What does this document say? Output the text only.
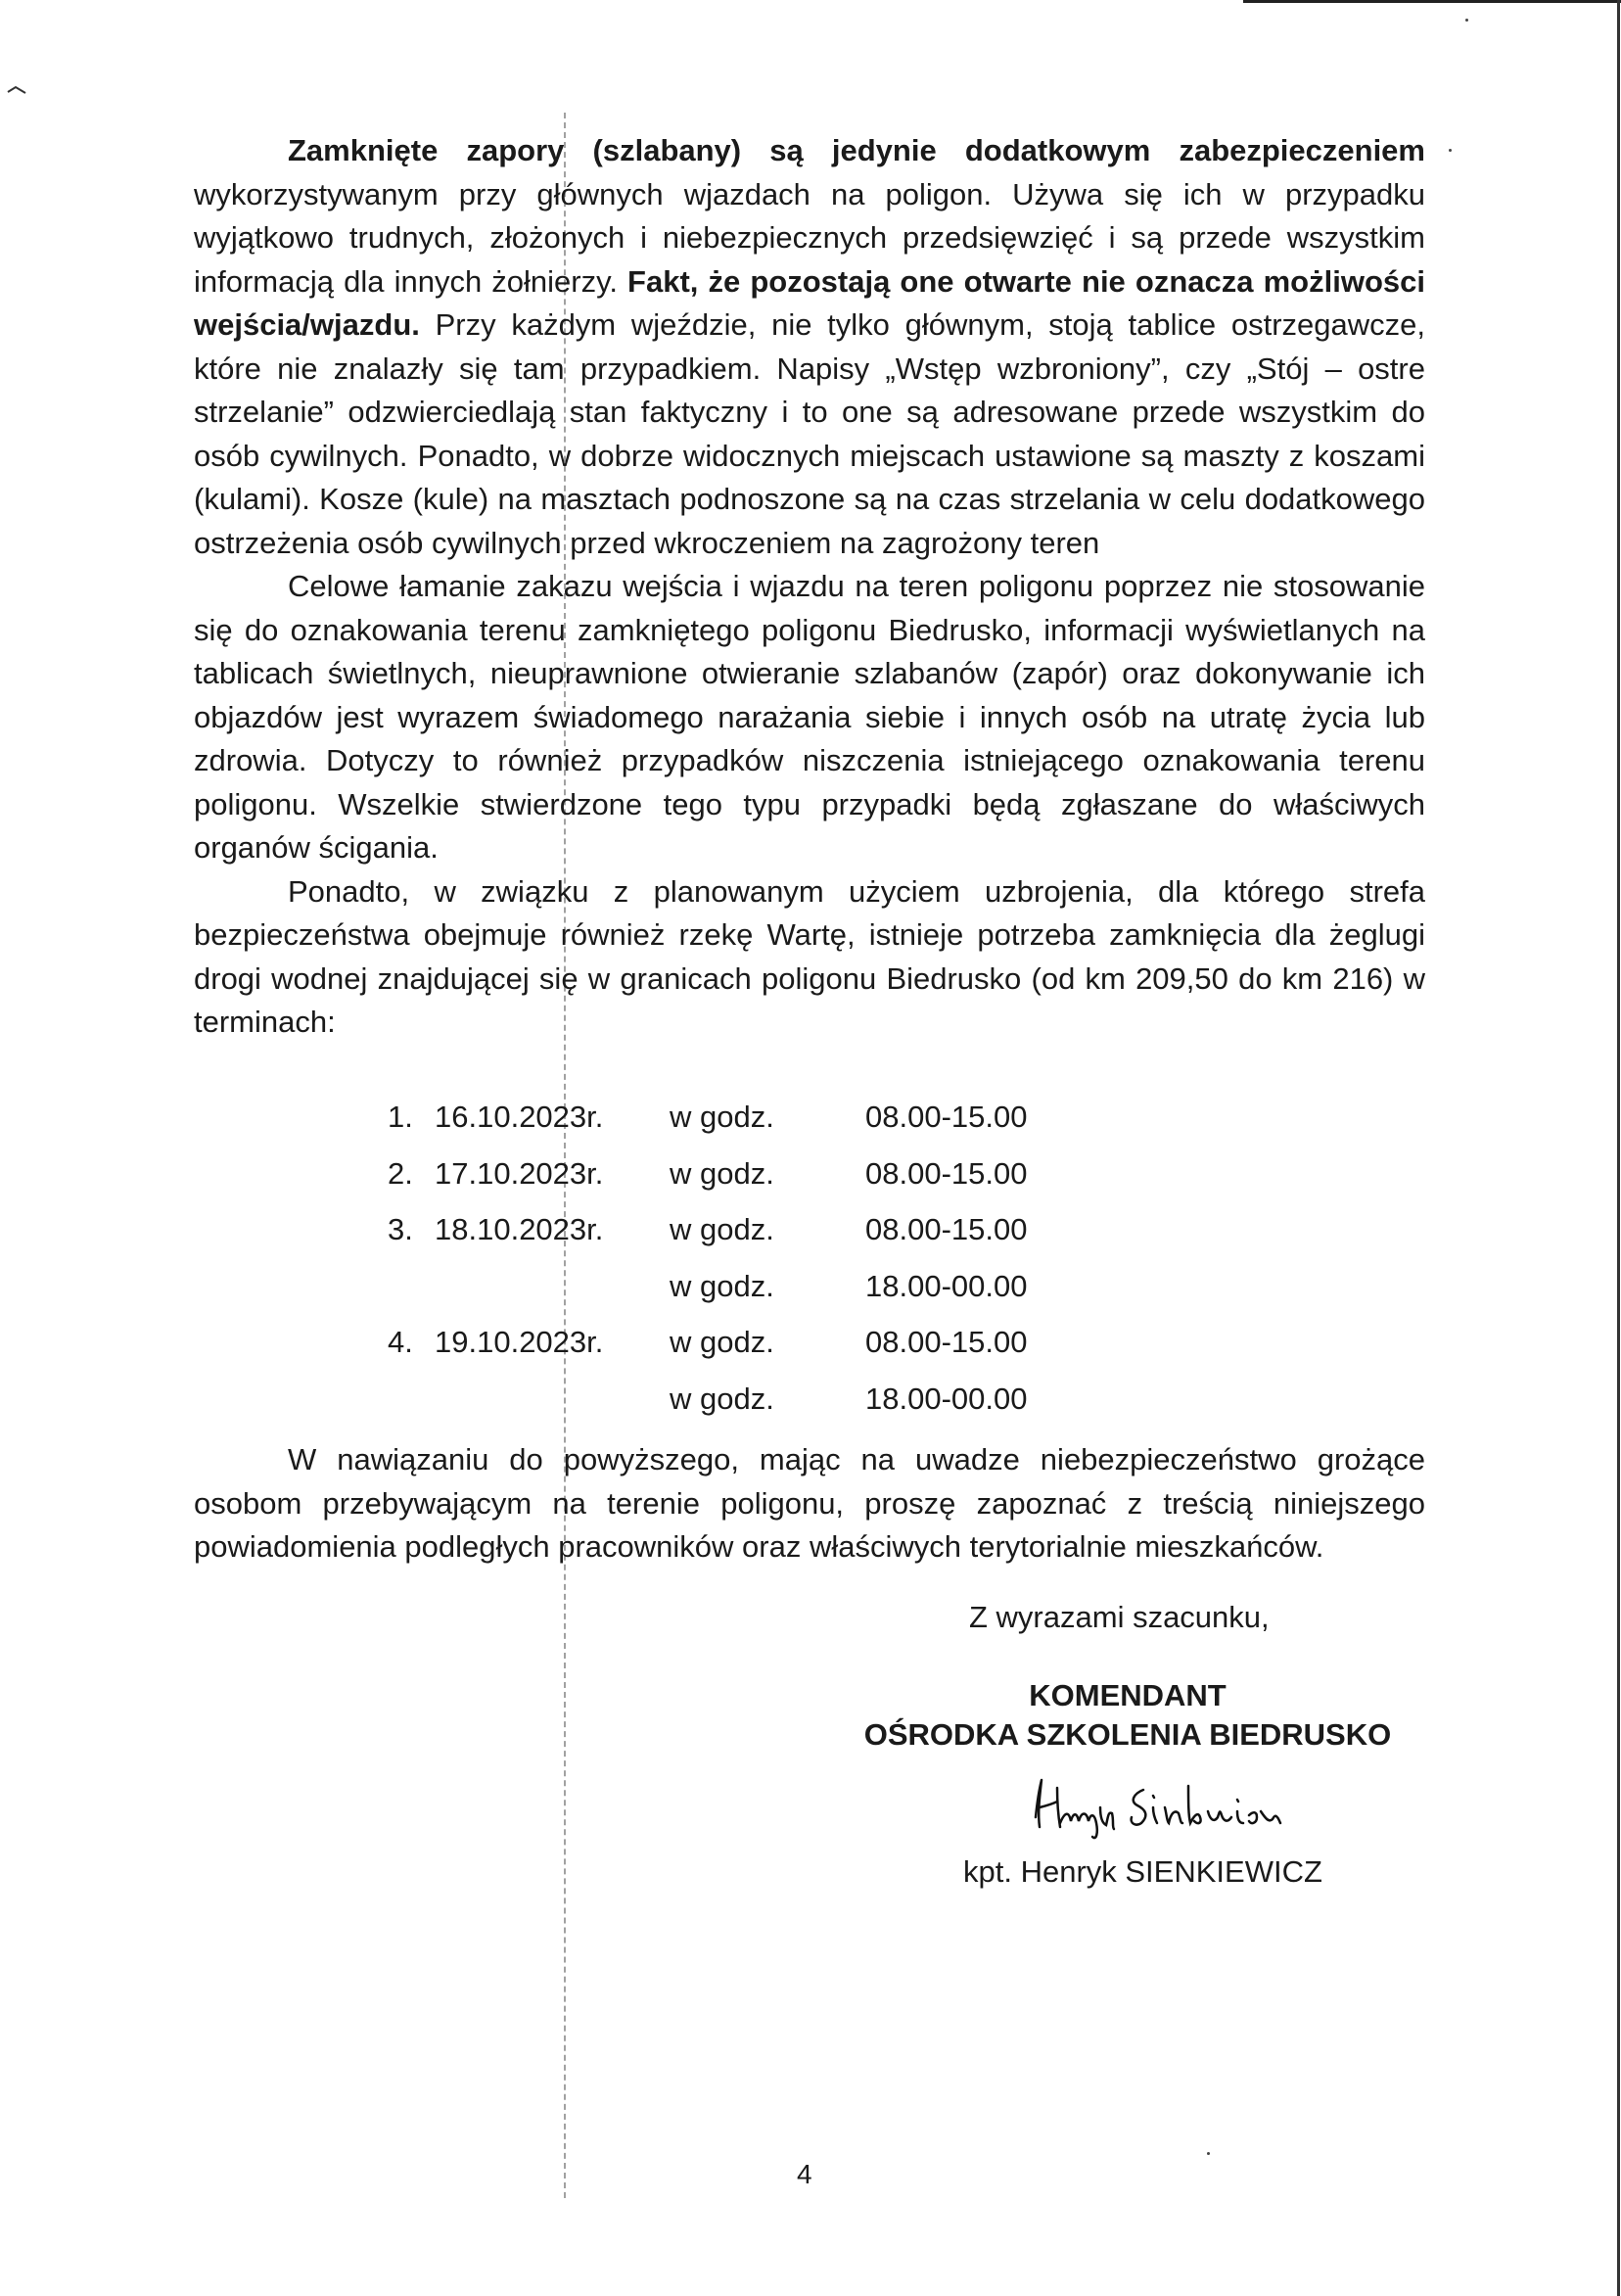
Zamknięte zapory (szlabany) są jedynie dodatkowym zabezpieczeniem wykorzystywanym przy głównych wjazdach na poligon. Używa się ich w przypadku wyjątkowo trudnych, złożonych i niebezpiecznych przedsięwzięć i są przede wszystkim informacją dla innych żołnierzy. Fakt, że pozostają one otwarte nie oznacza możliwości wejścia/wjazdu. Przy każdym wjeździe, nie tylko głównym, stoją tablice ostrzegawcze, które nie znalazły się tam przypadkiem. Napisy „Wstęp wzbroniony”, czy „Stój – ostre strzelanie” odzwierciedlają stan faktyczny i to one są adresowane przede wszystkim do osób cywilnych. Ponadto, w dobrze widocznych miejscach ustawione są maszty z koszami (kulami). Kosze (kule) na masztach podnoszone są na czas strzelania w celu dodatkowego ostrzeżenia osób cywilnych przed wkroczeniem na zagrożony teren

Celowe łamanie zakazu wejścia i wjazdu na teren poligonu poprzez nie stosowanie się do oznakowania terenu zamkniętego poligonu Biedrusko, informacji wyświetlanych na tablicach świetlnych, nieuprawnione otwieranie szlabanów (zapór) oraz dokonywanie ich objazdów jest wyrazem świadomego narażania siebie i innych osób na utratę życia lub zdrowia. Dotyczy to również przypadków niszczenia istniejącego oznakowania terenu poligonu. Wszelkie stwierdzone tego typu przypadki będą zgłaszane do właściwych organów ścigania.

Ponadto, w związku z planowanym użyciem uzbrojenia, dla którego strefa bezpieczeństwa obejmuje również rzekę Wartę, istnieje potrzeba zamknięcia dla żeglugi drogi wodnej znajdującej się w granicach poligonu Biedrusko (od km 209,50 do km 216) w terminach:

1. 16.10.2023r. w godz.	08.00-15.00
2. 17.10.2023r. w godz.	08.00-15.00
3. 18.10.2023r. w godz.	08.00-15.00
w godz.	18.00-00.00
4. 19.10.2023r. w godz.	08.00-15.00
w godz.	18.00-00.00

W nawiązaniu do powyższego, mając na uwadze niebezpieczeństwo grożące osobom przebywającym na terenie poligonu, proszę zapoznać z treścią niniejszego powiadomienia podległych pracowników oraz właściwych terytorialnie mieszkańców.

Z wyrazami szacunku,
KOMENDANT
OŚRODKA SZKOLENIA BIEDRUSKO
kpt. Henryk SIENKIEWICZ
4
